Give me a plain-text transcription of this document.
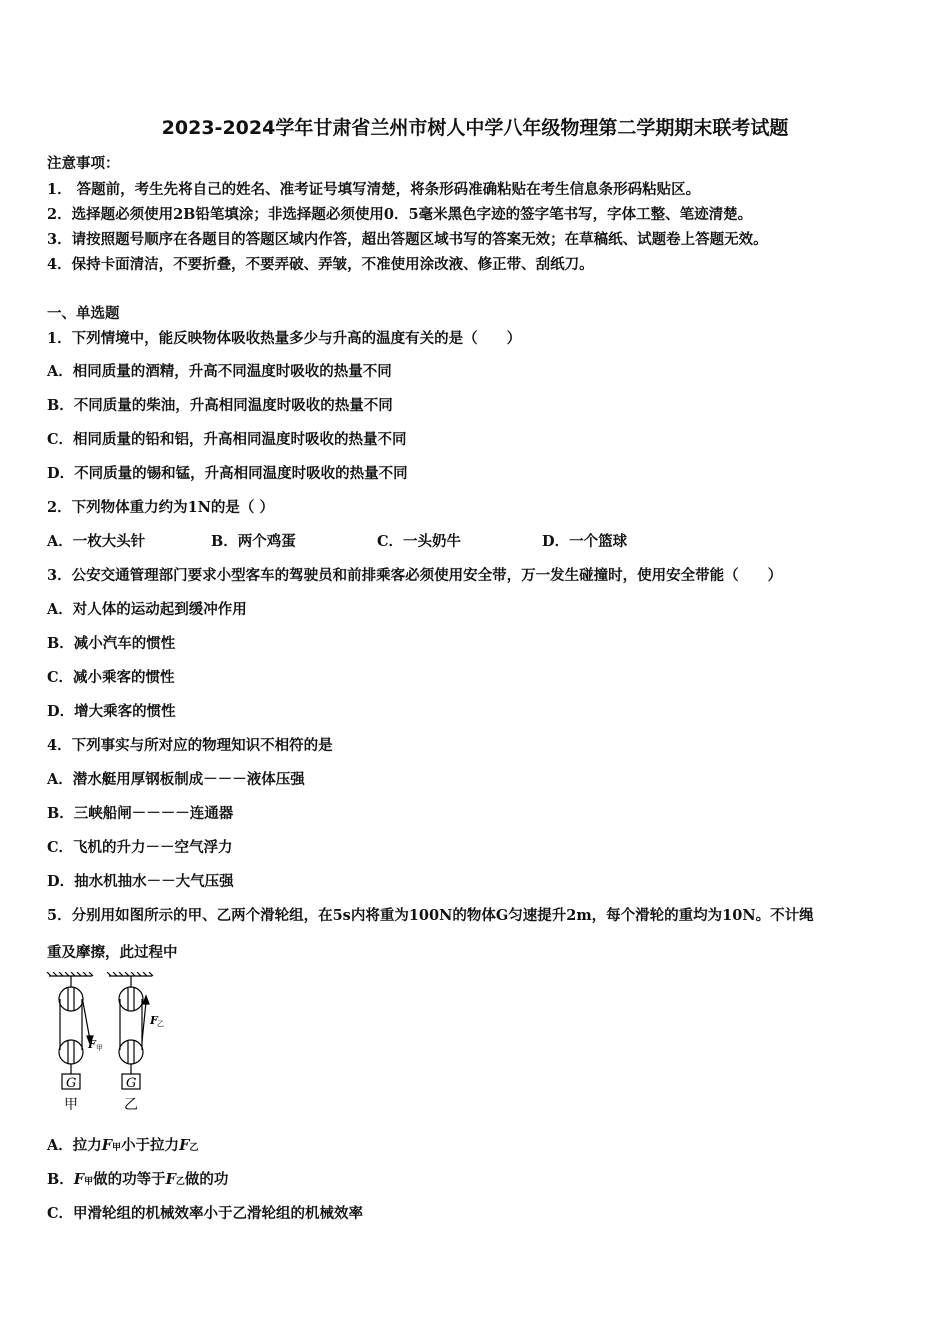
2023-2024学年甘肃省兰州市树人中学八年级物理第二学期期末联考试题
注意事项：
1． 答题前，考生先将自己的姓名、准考证号填写清楚，将条形码准确粘贴在考生信息条形码粘贴区。
2．选择题必须使用2B铅笔填涂；非选择题必须使用0．5毫米黑色字迹的签字笔书写，字体工整、笔迹清楚。
3．请按照题号顺序在各题目的答题区域内作答，超出答题区域书写的答案无效；在草稿纸、试题卷上答题无效。
4．保持卡面清洁，不要折叠，不要弄破、弄皱，不准使用涂改液、修正带、刮纸刀。
一、单选题
1．下列情境中，能反映物体吸收热量多少与升高的温度有关的是（　　）
A．相同质量的酒精，升高不同温度时吸收的热量不同
B．不同质量的柴油，升高相同温度时吸收的热量不同
C．相同质量的铅和铝，升高相同温度时吸收的热量不同
D．不同质量的锡和锰，升高相同温度时吸收的热量不同
2．下列物体重力约为1N的是（ ）
A．一枚大头针	B．两个鸡蛋	C．一头奶牛	D．一个篮球
3．公安交通管理部门要求小型客车的驾驶员和前排乘客必须使用安全带，万一发生碰撞时，使用安全带能（　　）
A．对人体的运动起到缓冲作用
B．减小汽车的惯性
C．减小乘客的惯性
D．增大乘客的惯性
4．下列事实与所对应的物理知识不相符的是
A．潜水艇用厚钢板制成－－－液体压强
B．三峡船闸－－－－连通器
C．飞机的升力－－空气浮力
D．抽水机抽水－－大气压强
5．分别用如图所示的甲、乙两个滑轮组，在5s内将重为100N的物体G匀速提升2m，每个滑轮的重均为10N。不计绳
重及摩擦，此过程中
G
F 甲
甲
G
F 乙
乙
A．拉力F甲小于拉力F乙
B．F甲做的功等于F乙做的功
C．甲滑轮组的机械效率小于乙滑轮组的机械效率
